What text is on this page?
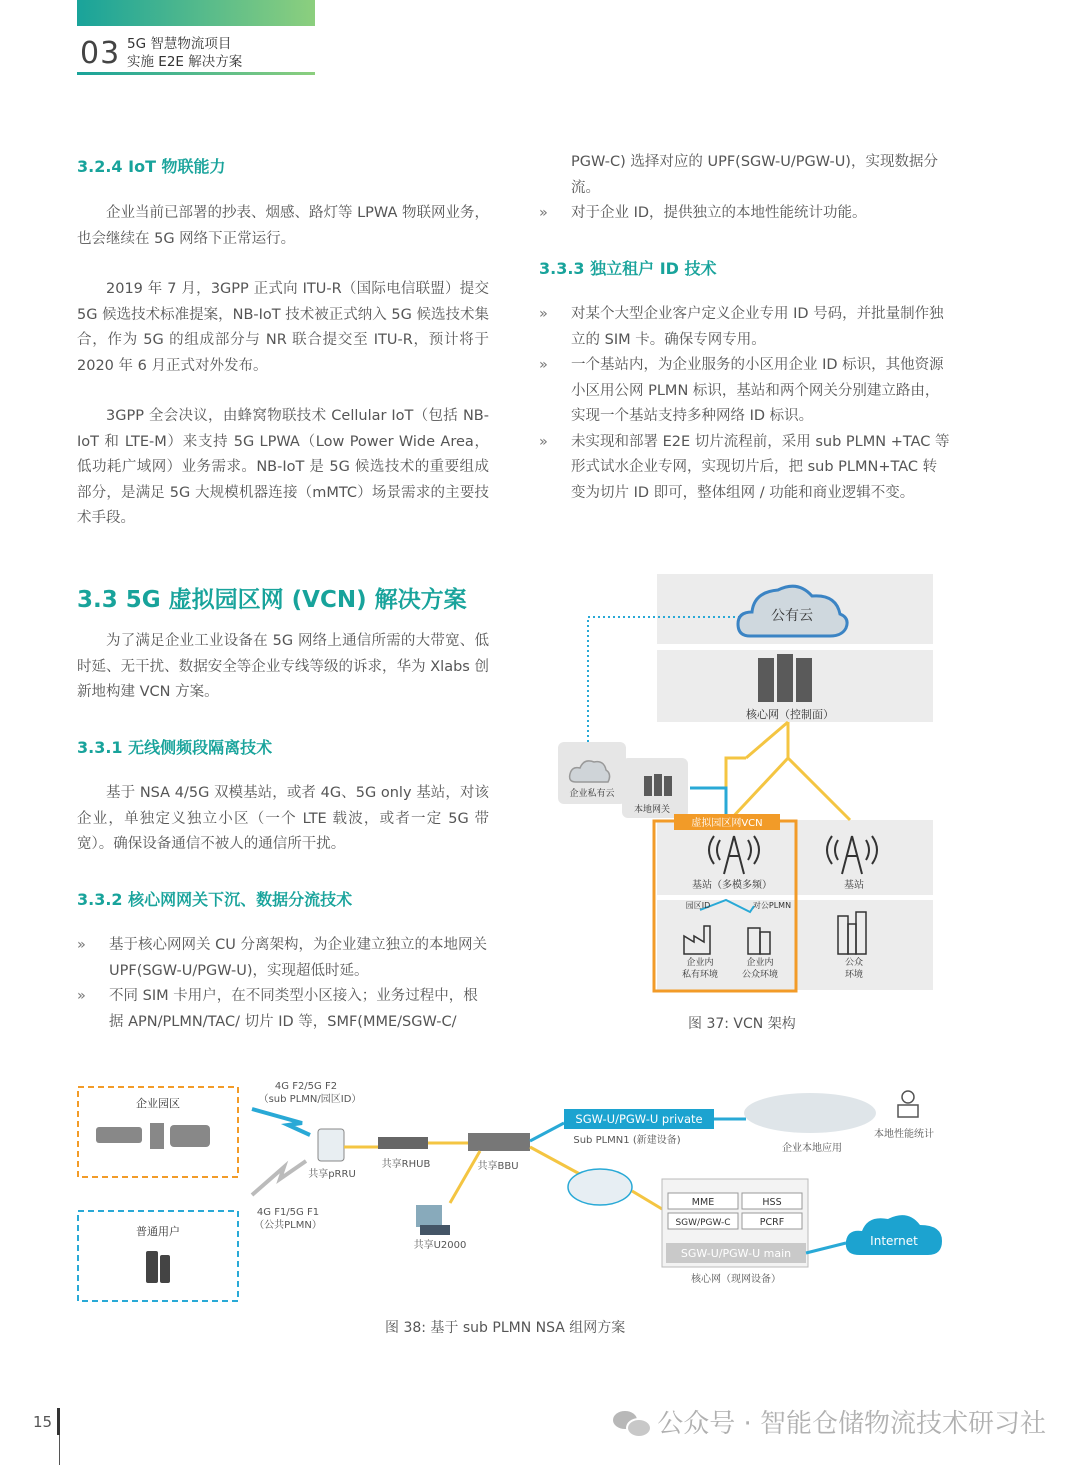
03 5G 智慧物流项目
实施 E2E 解决方案
3.2.4 IoT 物联能力
企业当前已部署的抄表、烟感、路灯等 LPWA 物联网业务，也会继续在 5G 网络下正常运行。
2019 年 7 月，3GPP 正式向 ITU-R（国际电信联盟）提交 5G 候选技术标准提案，NB-IoT 技术被正式纳入 5G 候选技术集合，作为 5G 的组成部分与 NR 联合提交至 ITU-R，预计将于 2020 年 6 月正式对外发布。
3GPP 全会决议，由蜂窝物联技术 Cellular IoT（包括 NB-IoT 和 LTE-M）来支持 5G LPWA（Low Power Wide Area，低功耗广域网）业务需求。NB-IoT 是 5G 候选技术的重要组成部分，是满足 5G 大规模机器连接（mMTC）场景需求的主要技术手段。
3.3 5G 虚拟园区网 (VCN) 解决方案
为了满足企业工业设备在 5G 网络上通信所需的大带宽、低时延、无干扰、数据安全等企业专线等级的诉求，华为 Xlabs 创新地构建 VCN 方案。
3.3.1 无线侧频段隔离技术
基于 NSA 4/5G 双模基站，或者 4G、5G only 基站，对该企业，单独定义独立小区（一个 LTE 载波，或者一定 5G 带宽）。确保设备通信不被人的通信所干扰。
3.3.2 核心网网关下沉、数据分流技术
» 基于核心网网关 CU 分离架构，为企业建立独立的本地网关 UPF(SGW-U/PGW-U)，实现超低时延。
» 不同 SIM 卡用户，在不同类型小区接入；业务过程中，根据 APN/PLMN/TAC/ 切片 ID 等，SMF(MME/SGW-C/
PGW-C) 选择对应的 UPF(SGW-U/PGW-U)，实现数据分流。
» 对于企业 ID，提供独立的本地性能统计功能。
3.3.3 独立租户 ID 技术
» 对某个大型企业客户定义企业专用 ID 号码，并批量制作独立的 SIM 卡。确保专网专用。
» 一个基站内，为企业服务的小区用企业 ID 标识，其他资源小区用公网 PLMN 标识，基站和两个网关分别建立路由，实现一个基站支持多种网络 ID 标识。
» 未实现和部署 E2E 切片流程前，采用 sub PLMN +TAC 等形式试水企业专网，实现切片后，把 sub PLMN+TAC 转变为切片 ID 即可，整体组网 / 功能和商业逻辑不变。
公有云
核心网（控制面）
企业私有云
本地网关
虚拟园区网VCN
基站（多模多频）	基站
园区ID	对公PLMN
企业内
私有环境
企业内
公众环境
公众
环境
图 37: VCN 架构
企业园区
普通用户
4G F2/5G F2
（sub PLMN/园区ID）
4G F1/5G F1
（公共PLMN）
共享pRRU
共享RHUB	共享BBU
共享U2000
SGW-U/PGW-U private
Sub PLMN1 (新建设备)
企业本地应用
本地性能统计
MME	HSS
SGW/PGW-C	PCRF
SGW-U/PGW-U main
核心网（现网设备）
Internet
图 38: 基于 sub PLMN NSA 组网方案
15	公众号 · 智能仓储物流技术研习社
